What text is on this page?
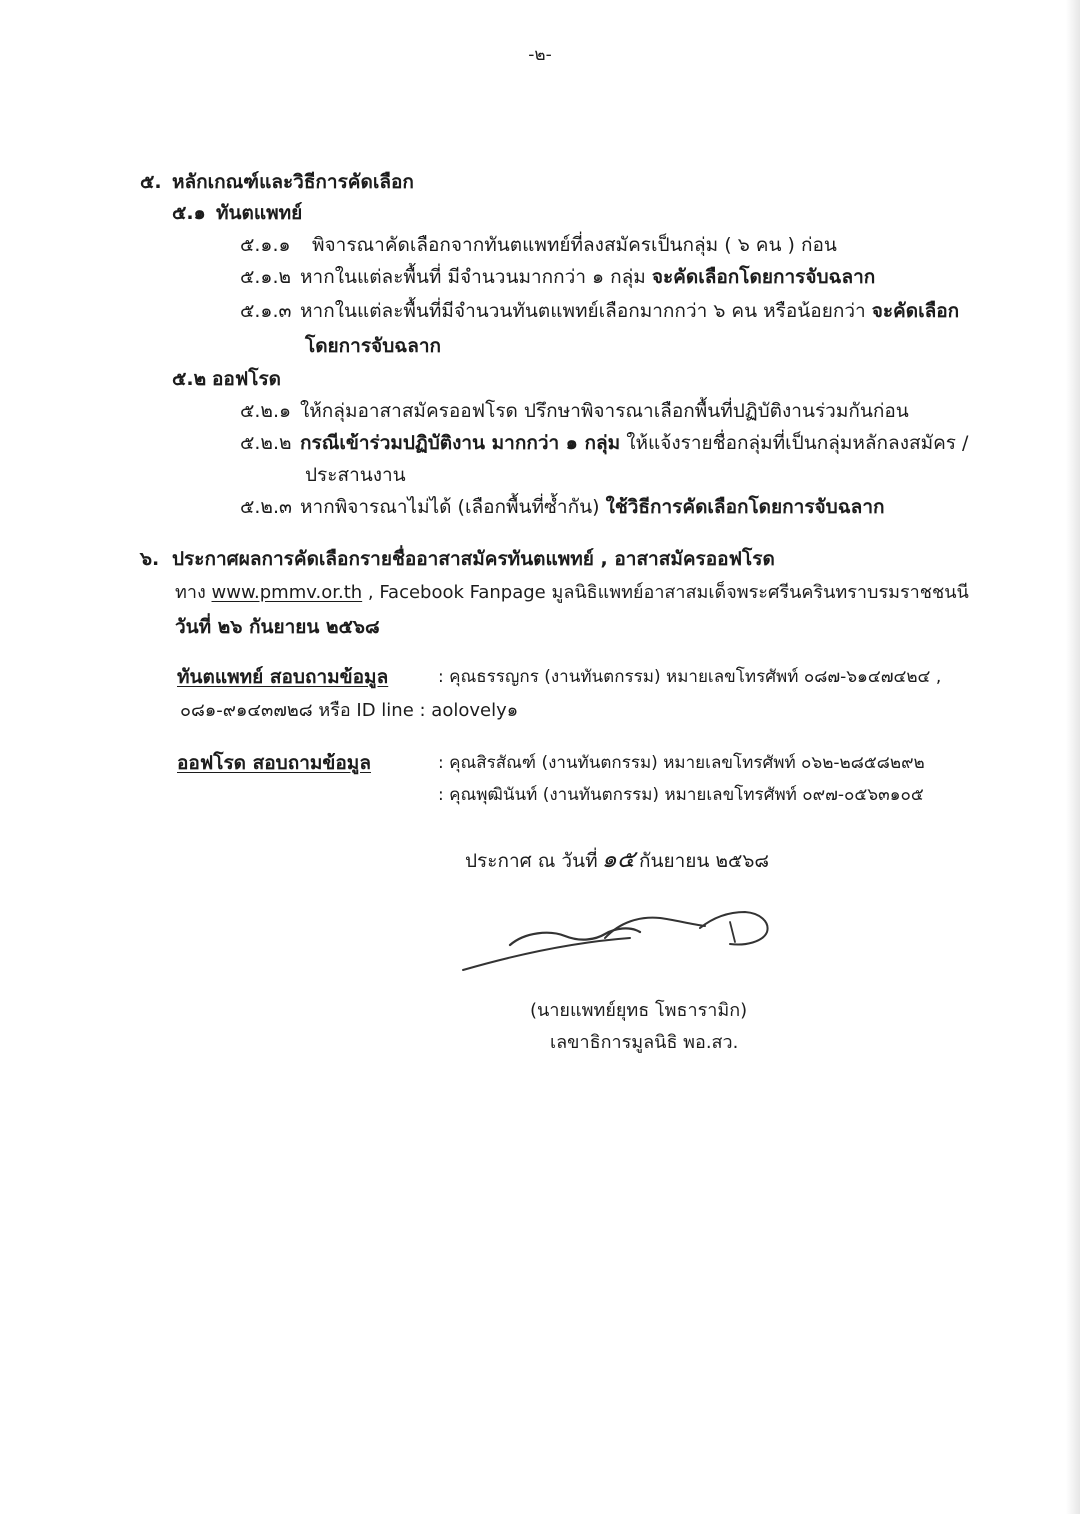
-๒-
๕. หลักเกณฑ์และวิธีการคัดเลือก
๕.๑ ทันตแพทย์
๕.๑.๑ พิจารณาคัดเลือกจากทันตแพทย์ที่ลงสมัครเป็นกลุ่ม ( ๖ คน ) ก่อน
๕.๑.๒ หากในแต่ละพื้นที่ มีจำนวนมากกว่า ๑ กลุ่ม จะคัดเลือกโดยการจับฉลาก
๕.๑.๓ หากในแต่ละพื้นที่มีจำนวนทันตแพทย์เลือกมากกว่า ๖ คน หรือน้อยกว่า จะคัดเลือก
โดยการจับฉลาก
๕.๒ ออฟโรด
๕.๒.๑ ให้กลุ่มอาสาสมัครออฟโรด ปรึกษาพิจารณาเลือกพื้นที่ปฏิบัติงานร่วมกันก่อน
๕.๒.๒ กรณีเข้าร่วมปฏิบัติงาน มากกว่า ๑ กลุ่ม ให้แจ้งรายชื่อกลุ่มที่เป็นกลุ่มหลักลงสมัคร /
ประสานงาน
๕.๒.๓ หากพิจารณาไม่ได้ (เลือกพื้นที่ซ้ำกัน) ใช้วิธีการคัดเลือกโดยการจับฉลาก
๖. ประกาศผลการคัดเลือกรายชื่ออาสาสมัครทันตแพทย์ , อาสาสมัครออฟโรด
ทาง www.pmmv.or.th , Facebook Fanpage มูลนิธิแพทย์อาสาสมเด็จพระศรีนครินทราบรมราชชนนี
วันที่ ๒๖ กันยายน ๒๕๖๘
ทันตแพทย์ สอบถามข้อมูล	: คุณธรรญกร (งานทันตกรรม) หมายเลขโทรศัพท์ ๐๘๗-๖๑๔๗๔๒๔ ,
๐๘๑-๙๑๔๓๗๒๘ หรือ ID line : aolovely๑
ออฟโรด สอบถามข้อมูล	: คุณสิรสัณฑ์ (งานทันตกรรม) หมายเลขโทรศัพท์ ๐๖๒-๒๘๕๘๒๙๒
: คุณพุฒินันท์ (งานทันตกรรม) หมายเลขโทรศัพท์ ๐๙๗-๐๕๖๓๑๐๕
ประกาศ ณ วันที่ ๑๕ กันยายน ๒๕๖๘
(นายแพทย์ยุทธ โพธารามิก)
เลขาธิการมูลนิธิ พอ.สว.
